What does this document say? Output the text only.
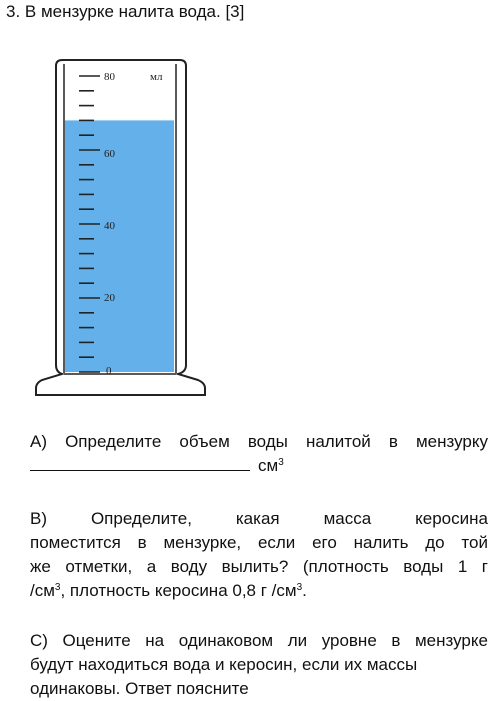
3. В мензурке налита вода. [3]
80
60
40
20
0
мл
А) Определите объем воды налитой в мензурку
$см^3$
В)	Определите,	какая	масса	керосина
поместится в мензурке, если его налить до той
же отметки, а воду вылить? (плотность воды 1 г
$/см^3$, плотность керосина 0,8 г $/см^3$.
С) Оцените на одинаковом ли уровне в мензурке
будут находиться вода и керосин, если их массы
одинаковы. Ответ поясните
